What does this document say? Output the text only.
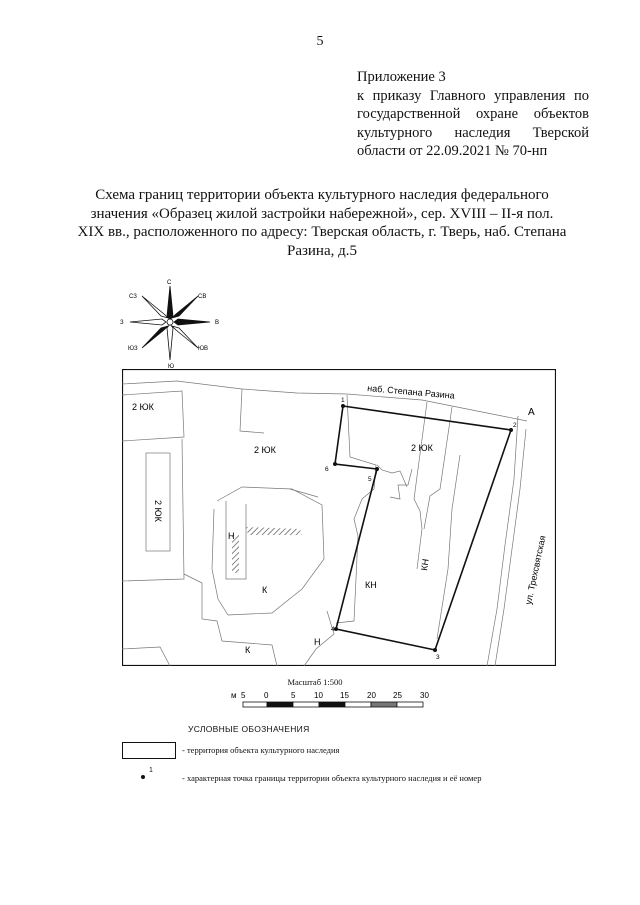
5
Приложение 3
к приказу Главного управления по
государственной охране объектов
культурного наследия Тверской
области от 22.09.2021 № 70-нп
Схема границ территории объекта культурного наследия федерального
значения «Образец жилой застройки набережной», сер. XVIII – II-я пол.
XIX вв., расположенного по адресу: Тверская область, г. Тверь, наб. Степана
Разина, д.5
С
Ю
З	В
СЗ	СВ
ЮЗ	ЮВ
1
2
3
4
5
6
наб. Степана Разина
ул. Трехсвятская
А
2 ЮК
2 ЮК	2 ЮК
2 ЮК
К
К
Н
Н
КН
КН
Масштаб 1:500
м 5 0	5 10 15 20 25 30
УСЛОВНЫЕ ОБОЗНАЧЕНИЯ
- территория объекта культурного наследия
1
- характерная точка границы территории объекта культурного наследия и её номер
